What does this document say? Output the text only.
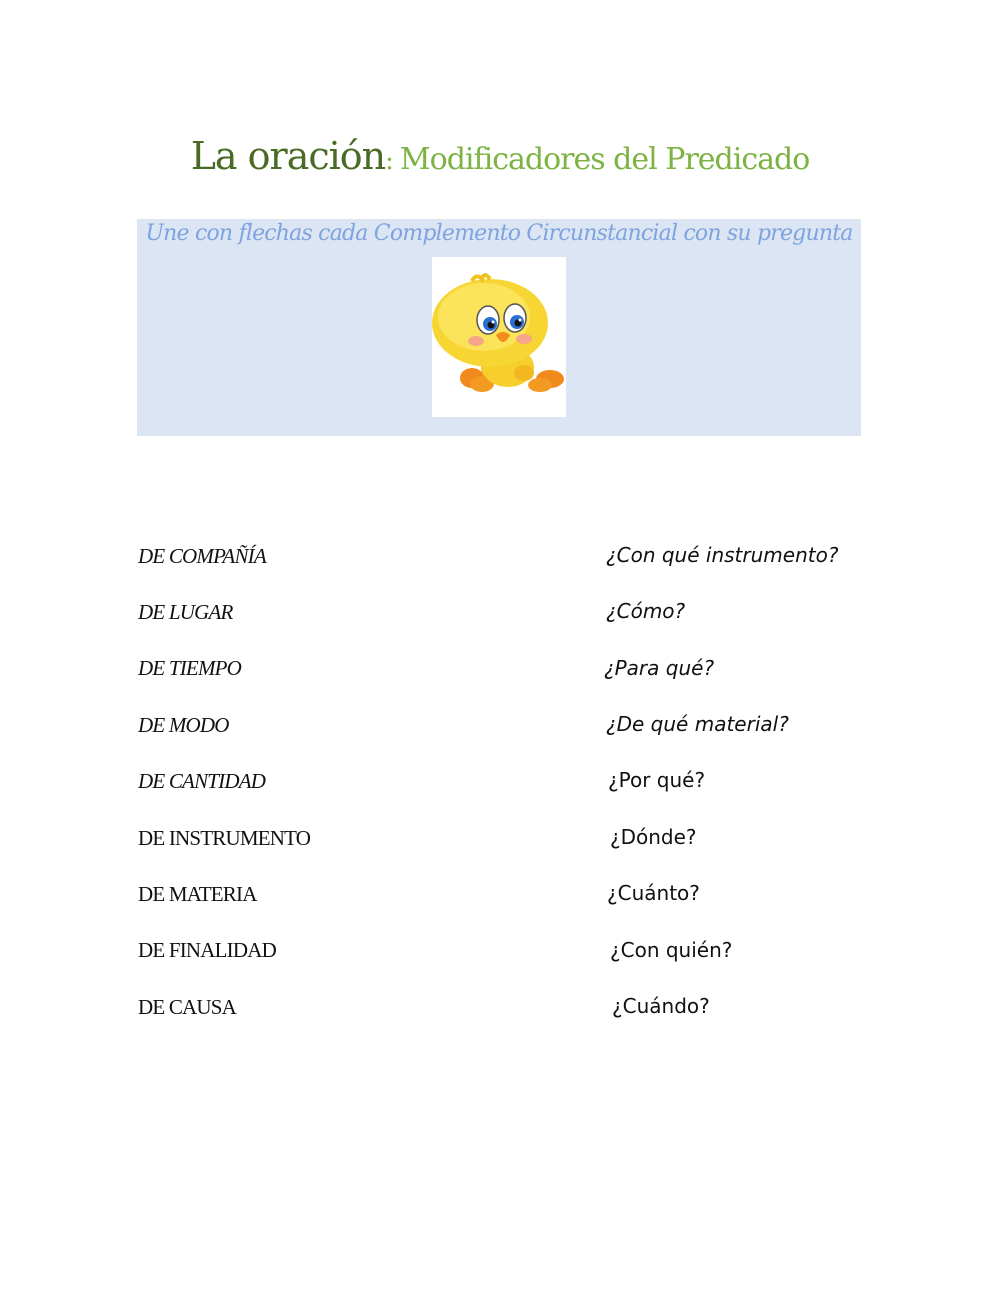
La oración: Modificadores del Predicado
Une con flechas cada Complemento Circunstancial con su pregunta
DE COMPAÑÍA
DE LUGAR
DE TIEMPO
DE MODO
DE CANTIDAD
DE INSTRUMENTO
DE MATERIA
DE FINALIDAD
DE CAUSA
¿Con qué instrumento?
¿Cómo?
¿Para qué?
¿De qué material?
¿Por qué?
¿Dónde?
¿Cuánto?
¿Con quién?
¿Cuándo?
